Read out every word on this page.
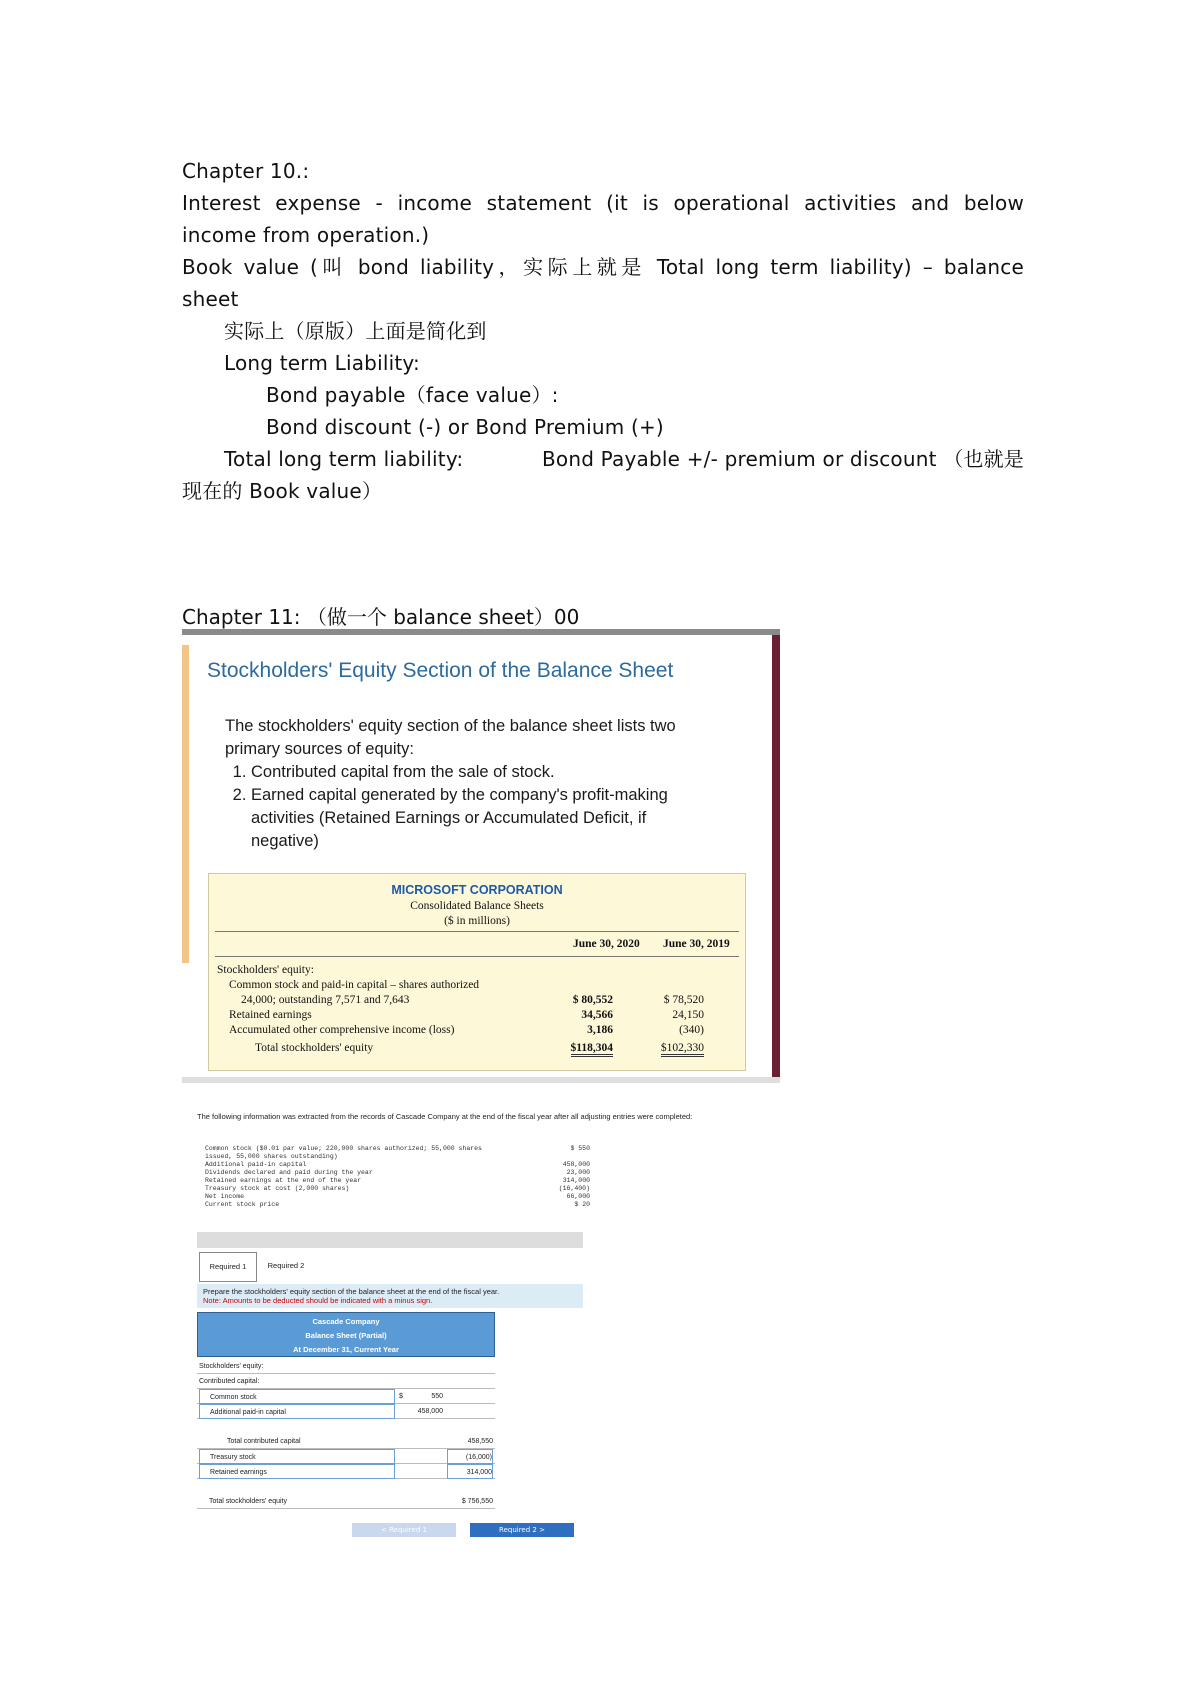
Chapter 10.:

Interest expense - income statement (it is operational activities and below

income from operation.)

Book value (叫 bond liability，实际上就是 Total long term liability) – balance

sheet

实际上（原版）上面是简化到

Long term Liability:

Bond payable（face value）:

Bond discount (-) or Bond Premium (+)

Total long term liability:	Bond Payable +/- premium or discount （也就是

现在的 Book value）

Chapter 11: （做一个 balance sheet）00
Stockholders' Equity Section of the Balance Sheet

The stockholders' equity section of the balance sheet lists two primary sources of equity:

1. Contributed capital from the sale of stock.
2. Earned capital generated by the company's profit-making activities (Retained Earnings or Accumulated Deficit, if negative)
MICROSOFT CORPORATION
Consolidated Balance Sheets
($ in millions)
June 30, 2020 June 30, 2019
Stockholders' equity:
Common stock and paid-in capital – shares authorized
24,000; outstanding 7,571 and 7,643	$ 80,552	$ 78,520
Retained earnings	34,566	24,150
Accumulated other comprehensive income (loss)	3,186	(340)
Total stockholders' equity	$118,304	$102,330
The following information was extracted from the records of Cascade Company at the end of the fiscal year after all adjusting entries were completed:
Common stock ($0.01 par value; 220,000 shares authorized; 55,000 shares	$ 550
issued, 55,000 shares outstanding)
Additional paid-in capital	458,000
Dividends declared and paid during the year	23,000
Retained earnings at the end of the year	314,000
Treasury stock at cost (2,000 shares)	(16,400)
Net income	66,000
Current stock price	$ 20
Required 1	Required 2
Prepare the stockholders' equity section of the balance sheet at the end of the fiscal year.
Note: Amounts to be deducted should be indicated with a minus sign.
Cascade Company
Balance Sheet (Partial)
At December 31, Current Year
Stockholders' equity:
Contributed capital:
Common stock	$	550
Additional paid-in capital	458,000
Total contributed capital	458,550
Treasury stock	(16,000)
Retained earnings	314,000
Total stockholders' equity	$ 756,550
< Required 1	Required 2 >
